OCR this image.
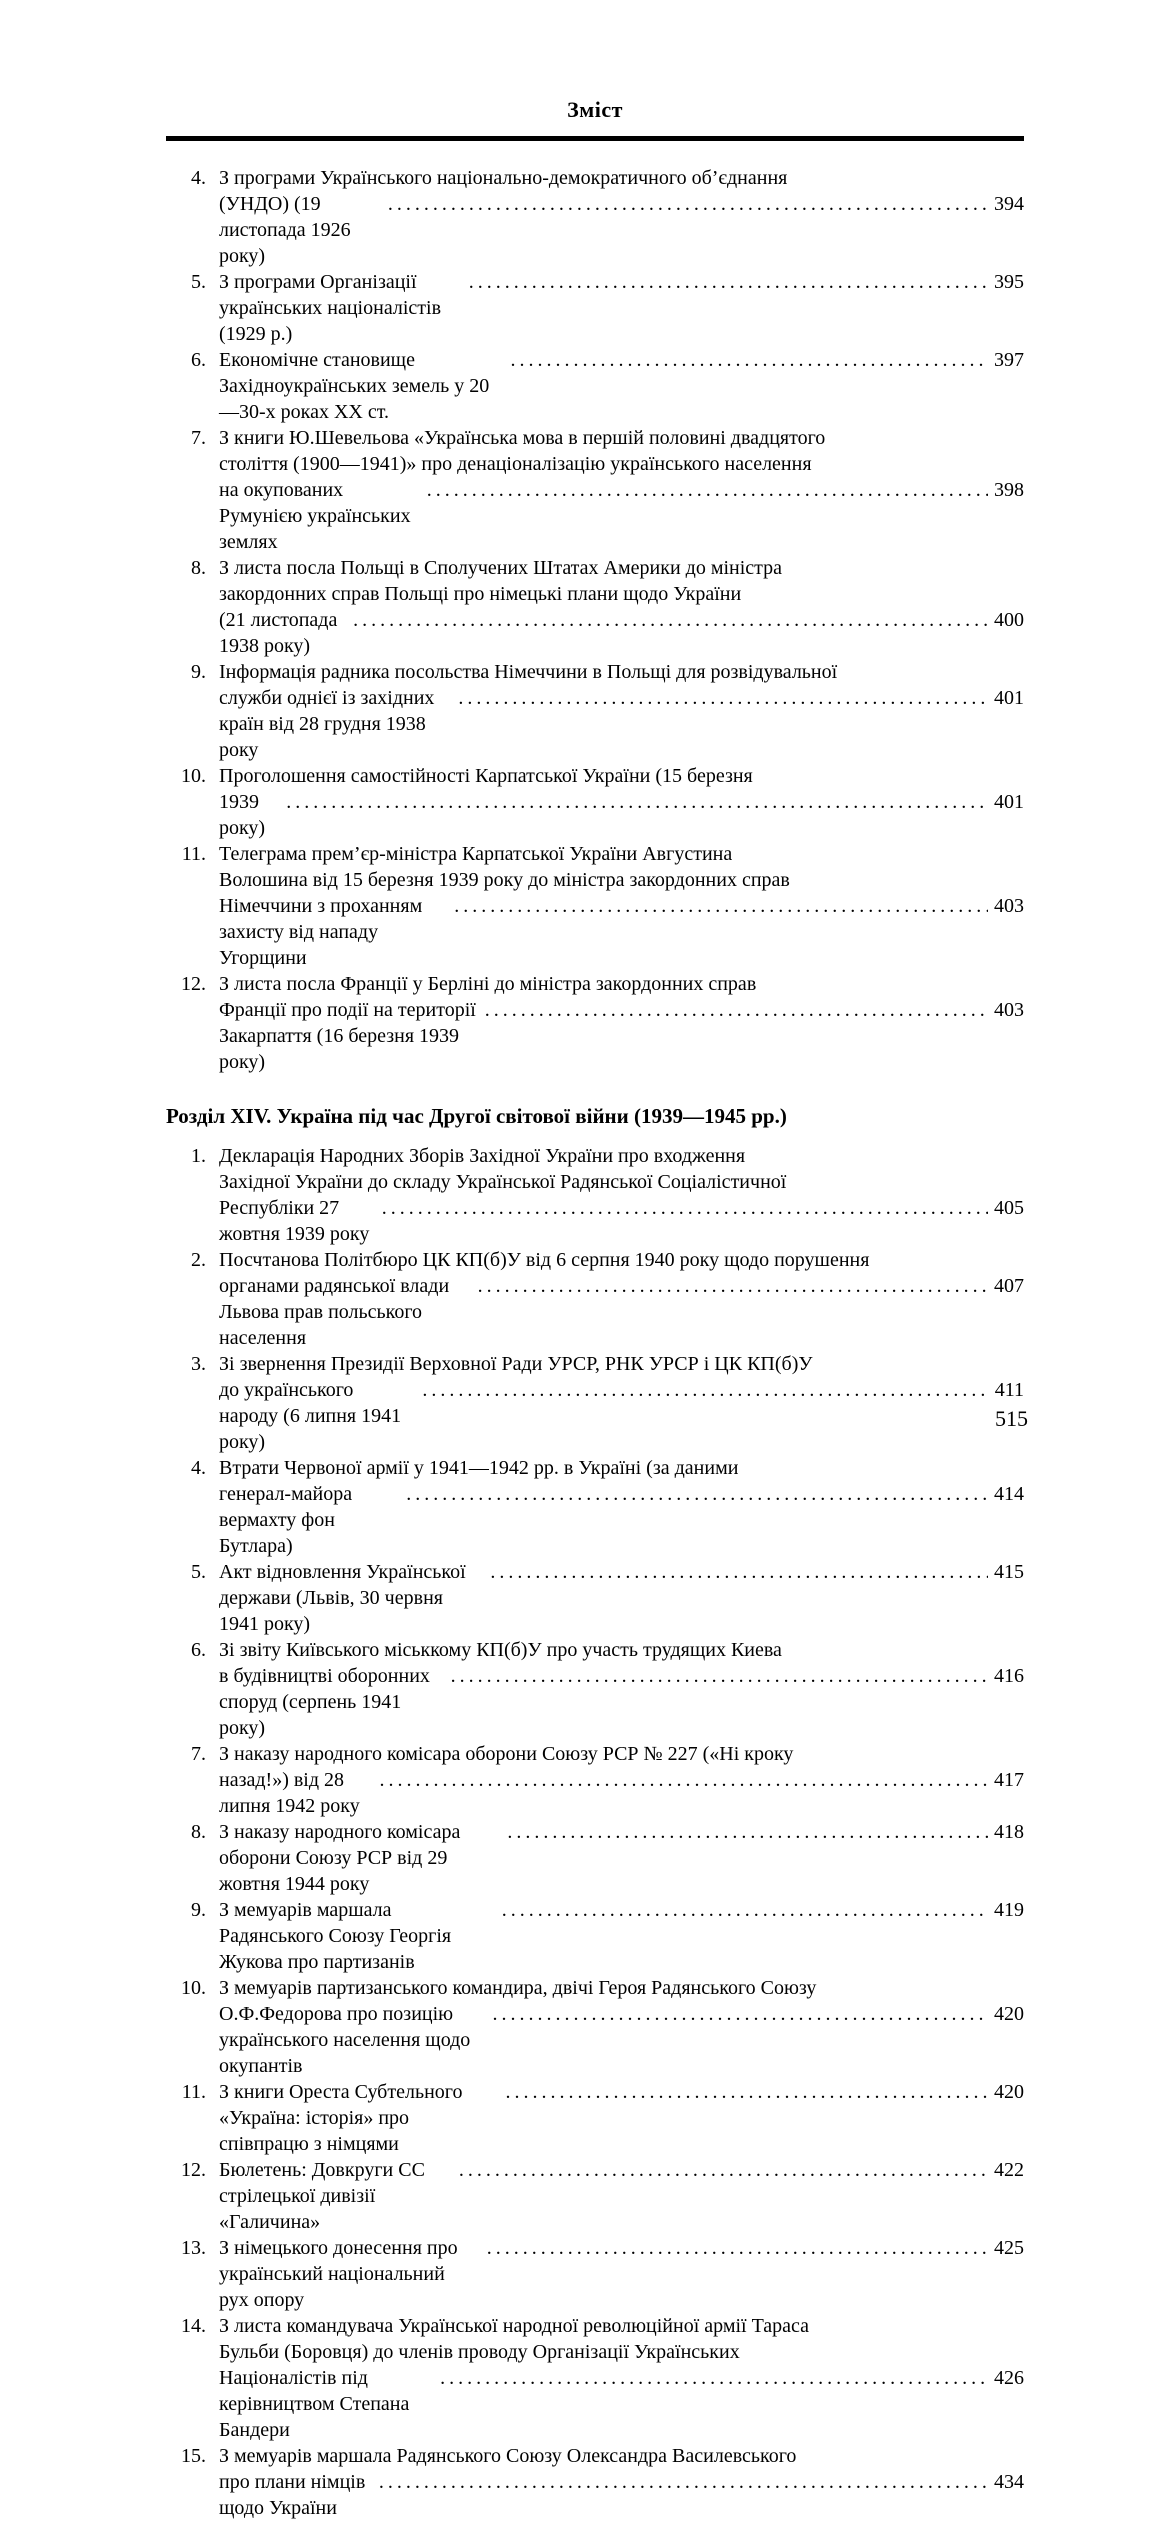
Зміст
4. З програми Українського національно-демократичного об’єднання
(УНДО) (19 листопада 1926 року)
.....
394
5. З програми Організації українських націоналістів (1929 р.)
.....
395
6. Економічне становище Західноукраїнських земель у 20—30-х роках XX ст.
.....
397
7. З книги Ю.Шевельова «Українська мова в першій половині двадцятого
століття (1900—1941)» про денаціоналізацію українського населення
на окупованих Румунією українських землях
.....
398
8. З листа посла Польщі в Сполучених Штатах Америки до міністра
закордонних справ Польщі про німецькі плани щодо України
(21 листопада 1938 року)
.....
400
9. Інформація радника посольства Німеччини в Польщі для розвідувальної
служби однієї із західних країн від 28 грудня 1938 року
.....
401
10. Проголошення самостійності Карпатської України (15 березня
1939 року)
.....
401
11. Телеграма прем’єр-міністра Карпатської України Августина
Волошина від 15 березня 1939 року до міністра закордонних справ
Німеччини з проханням захисту від нападу Угорщини
.....
403
12. З листа посла Франції у Берліні до міністра закордонних справ
Франції про події на території Закарпаття (16 березня 1939 року)
.....
403
Розділ XIV. Україна під час Другої світової війни (1939—1945 рр.)
1. Декларація Народних Зборів Західної України про входження
Західної України до складу Української Радянської Соціалістичної
Республіки 27 жовтня 1939 року
.....
405
2. Посчтанова Політбюро ЦК КП(б)У від 6 серпня 1940 року щодо порушення
органами радянської влади Львова прав польського населення
.....
407
3. Зі звернення Президії Верховної Ради УРСР, РНК УРСР і ЦК КП(б)У
до українського народу (6 липня 1941 року)
.....
411
4. Втрати Червоної армії у 1941—1942 рр. в Україні (за даними
генерал-майора вермахту фон Бутлара)
.....
414
5. Акт відновлення Української держави (Львів, 30 червня 1941 року)
.....
415
6. Зі звіту Київського міськкому КП(б)У про участь трудящих Киева
в будівництві оборонних споруд (серпень 1941 року)
.....
416
7. З наказу народного комісара оборони Союзу РСР № 227 («Ні кроку
назад!») від 28 липня 1942 року
.....
417
8. З наказу народного комісара оборони Союзу РСР від 29 жовтня 1944 року
.....
418
9. З мемуарів маршала Радянського Союзу Георгія Жукова про партизанів
.....
419
10. З мемуарів партизанського командира, двічі Героя Радянського Союзу
О.Ф.Федорова про позицію українського населення щодо окупантів
.....
420
11. З книги Ореста Субтельного «Україна: історія» про співпрацю з німцями
.....
420
12. Бюлетень: Довкруги СС стрілецької дивізії «Галичина»
.....
422
13. З німецького донесення про український національний рух опору
.....
425
14. З листа командувача Української народної революційної армії Тараса
Бульби (Боровця) до членів проводу Організації Українських
Націоналістів під керівництвом Степана Бандери
.....
426
15. З мемуарів маршала Радянського Союзу Олександра Василевського
про плани німців щодо України
.....
434
515
